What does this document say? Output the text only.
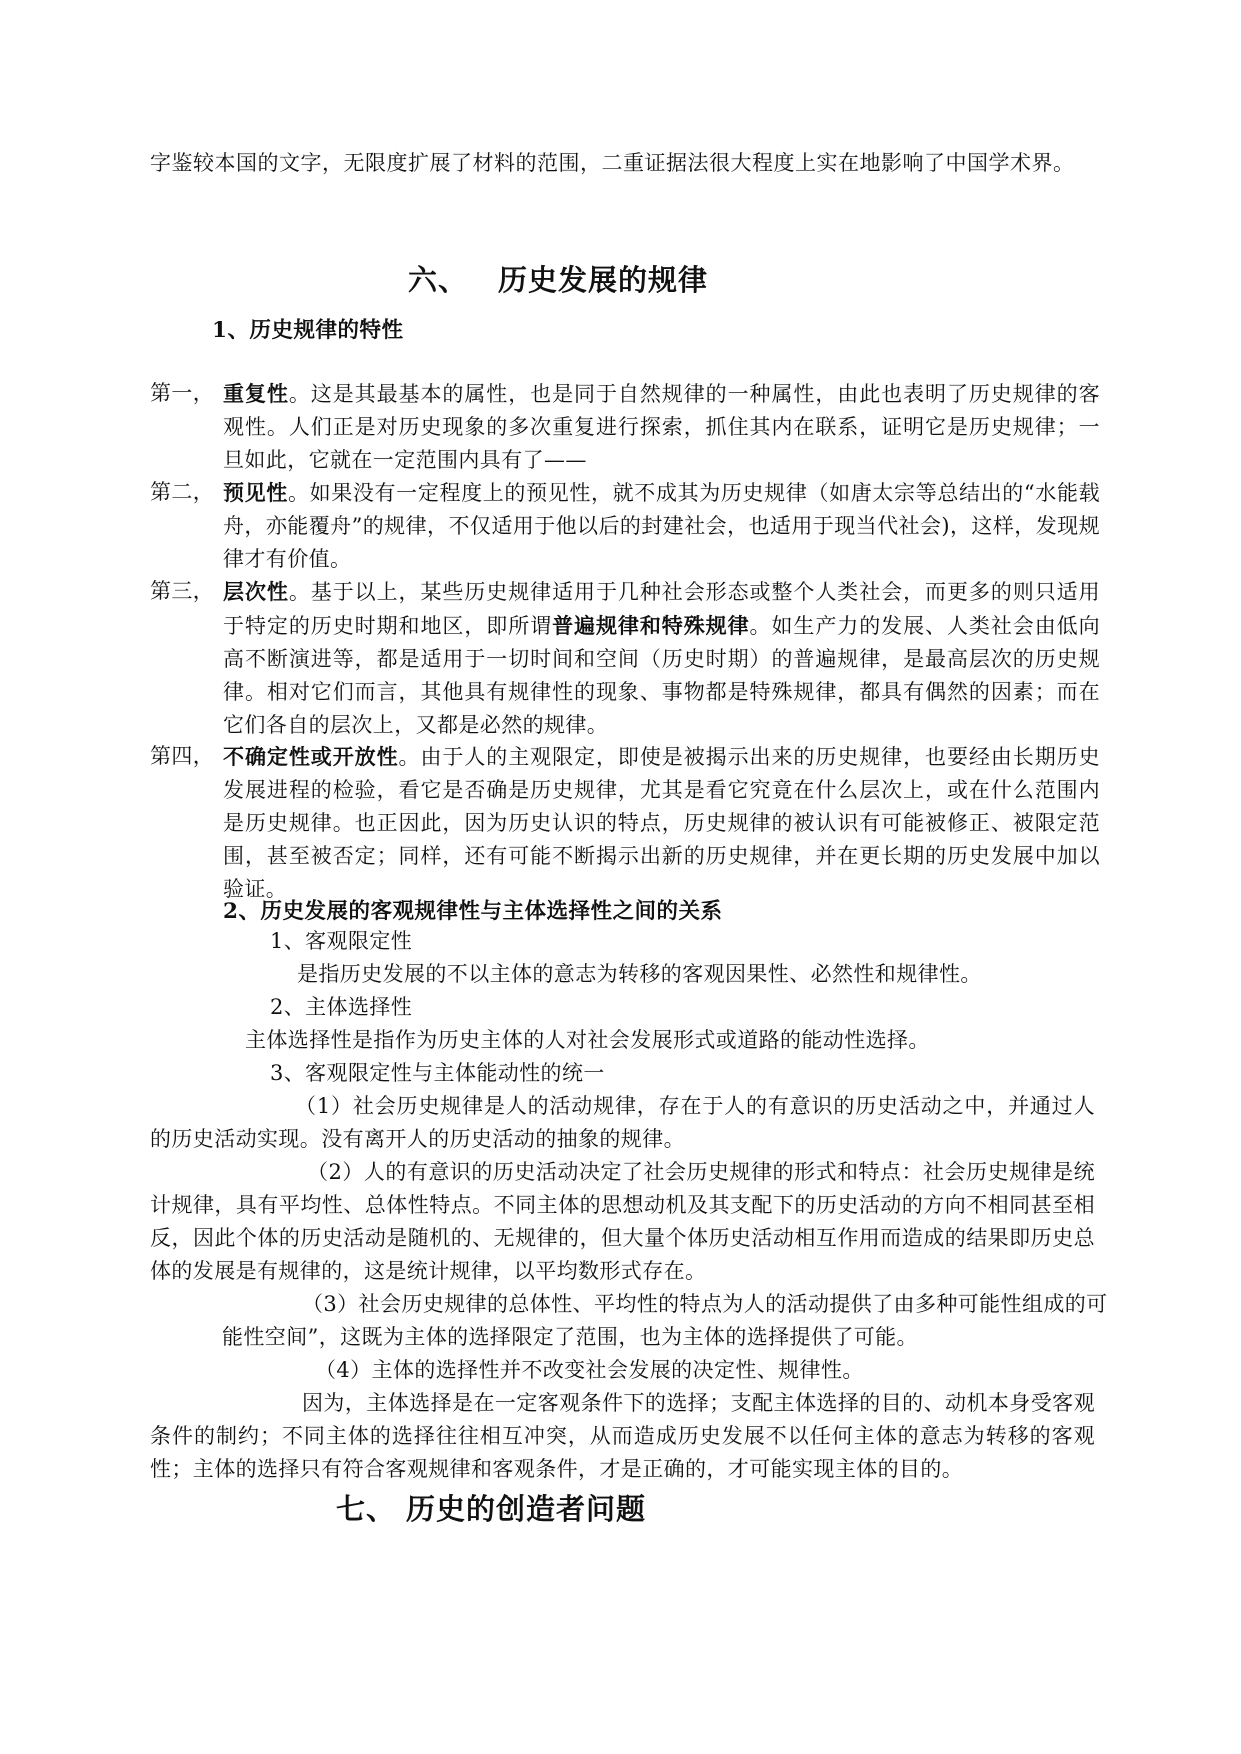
字鉴较本国的文字，无限度扩展了材料的范围，二重证据法很大程度上实在地影响了中国学术界。
六、 历史发展的规律
1、历史规律的特性
第一， 重复性。这是其最基本的属性，也是同于自然规律的一种属性，由此也表明了历史规律的客观性。人们正是对历史现象的多次重复进行探索，抓住其内在联系，证明它是历史规律；一旦如此，它就在一定范围内具有了——
第二， 预见性。如果没有一定程度上的预见性，就不成其为历史规律（如唐太宗等总结出的“水能载舟，亦能覆舟”的规律，不仅适用于他以后的封建社会，也适用于现当代社会)，这样，发现规律才有价值。
第三， 层次性。基于以上，某些历史规律适用于几种社会形态或整个人类社会，而更多的则只适用于特定的历史时期和地区，即所谓普遍规律和特殊规律。如生产力的发展、人类社会由低向高不断演进等，都是适用于一切时间和空间（历史时期）的普遍规律，是最高层次的历史规律。相对它们而言，其他具有规律性的现象、事物都是特殊规律，都具有偶然的因素；而在它们各自的层次上，又都是必然的规律。
第四， 不确定性或开放性。由于人的主观限定，即使是被揭示出来的历史规律，也要经由长期历史发展进程的检验，看它是否确是历史规律，尤其是看它究竟在什么层次上，或在什么范围内是历史规律。也正因此，因为历史认识的特点，历史规律的被认识有可能被修正、被限定范围，甚至被否定；同样，还有可能不断揭示出新的历史规律，并在更长期的历史发展中加以验证。
2、历史发展的客观规律性与主体选择性之间的关系
1、客观限定性
是指历史发展的不以主体的意志为转移的客观因果性、必然性和规律性。
2、主体选择性
主体选择性是指作为历史主体的人对社会发展形式或道路的能动性选择。
3、客观限定性与主体能动性的统一
（1）社会历史规律是人的活动规律，存在于人的有意识的历史活动之中，并通过人的历史活动实现。没有离开人的历史活动的抽象的规律。
（2）人的有意识的历史活动决定了社会历史规律的形式和特点：社会历史规律是统计规律，具有平均性、总体性特点。不同主体的思想动机及其支配下的历史活动的方向不相同甚至相反，因此个体的历史活动是随机的、无规律的，但大量个体历史活动相互作用而造成的结果即历史总体的发展是有规律的，这是统计规律，以平均数形式存在。
（3）社会历史规律的总体性、平均性的特点为人的活动提供了由多种可能性组成的可
能性空间”，这既为主体的选择限定了范围，也为主体的选择提供了可能。
（4）主体的选择性并不改变社会发展的决定性、规律性。
因为，主体选择是在一定客观条件下的选择；支配主体选择的目的、动机本身受客观条件的制约；不同主体的选择往往相互冲突，从而造成历史发展不以任何主体的意志为转移的客观性；主体的选择只有符合客观规律和客观条件，才是正确的，才可能实现主体的目的。
七、 历史的创造者问题
